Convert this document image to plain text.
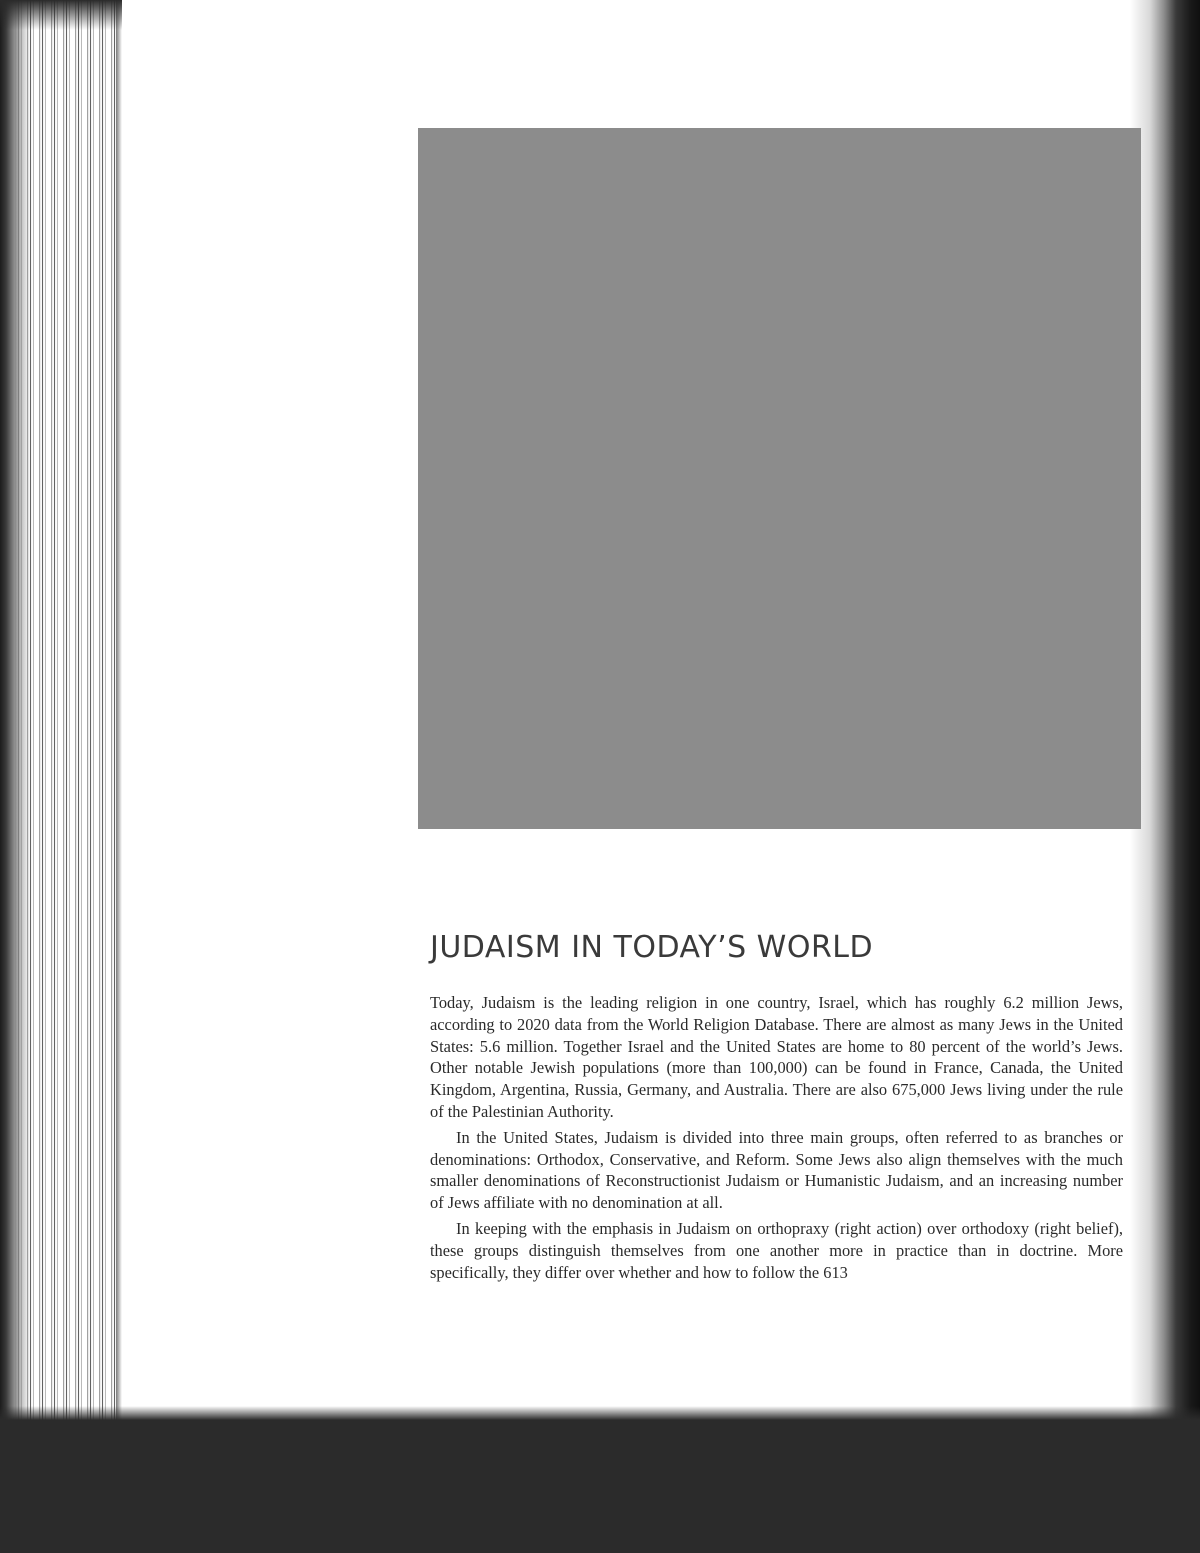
JUDAISM IN TODAY’S WORLD

Today, Judaism is the leading religion in one country, Israel, which has roughly 6.2 million Jews, according to 2020 data from the World Religion Database. There are almost as many Jews in the United States: 5.6 million. Together Israel and the United States are home to 80 percent of the world’s Jews. Other notable Jewish populations (more than 100,000) can be found in France, Canada, the United Kingdom, Argentina, Russia, Germany, and Australia. There are also 675,000 Jews living under the rule of the Palestinian Authority.

In the United States, Judaism is divided into three main groups, often referred to as branches or denominations: Orthodox, Conservative, and Reform. Some Jews also align themselves with the much smaller denominations of Reconstructionist Judaism or Humanistic Judaism, and an increasing number of Jews affiliate with no denomination at all.

In keeping with the emphasis in Judaism on orthopraxy (right action) over orthodoxy (right belief), these groups distinguish themselves from one another more in practice than in doctrine. More specifically, they differ over whether and how to follow the 613
